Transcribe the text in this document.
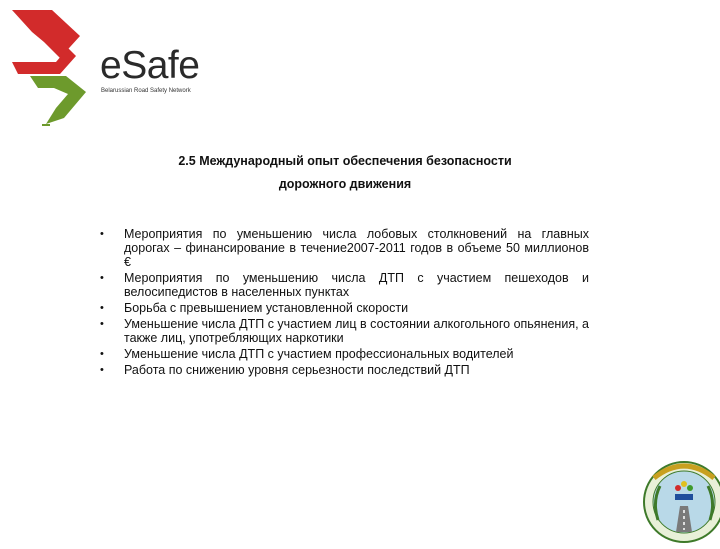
eSafe
Belarussian Road Safety Network
2.5 Международный опыт обеспечения безопасности
дорожного движения
• Мероприятия по уменьшению числа лобовых столкновений на главных дорогах – финансирование в течение2007-2011 годов в объеме 50 миллионов €
• Мероприятия по уменьшению числа ДТП с участием пешеходов и велосипедистов в населенных пунктах
• Борьба с превышением установленной скорости
• Уменьшение числа ДТП с участием лиц в состоянии алкогольного опьянения, а также лиц, употребляющих наркотики
• Уменьшение числа ДТП с участием профессиональных водителей
• Работа по снижению уровня серьезности последствий ДТП
